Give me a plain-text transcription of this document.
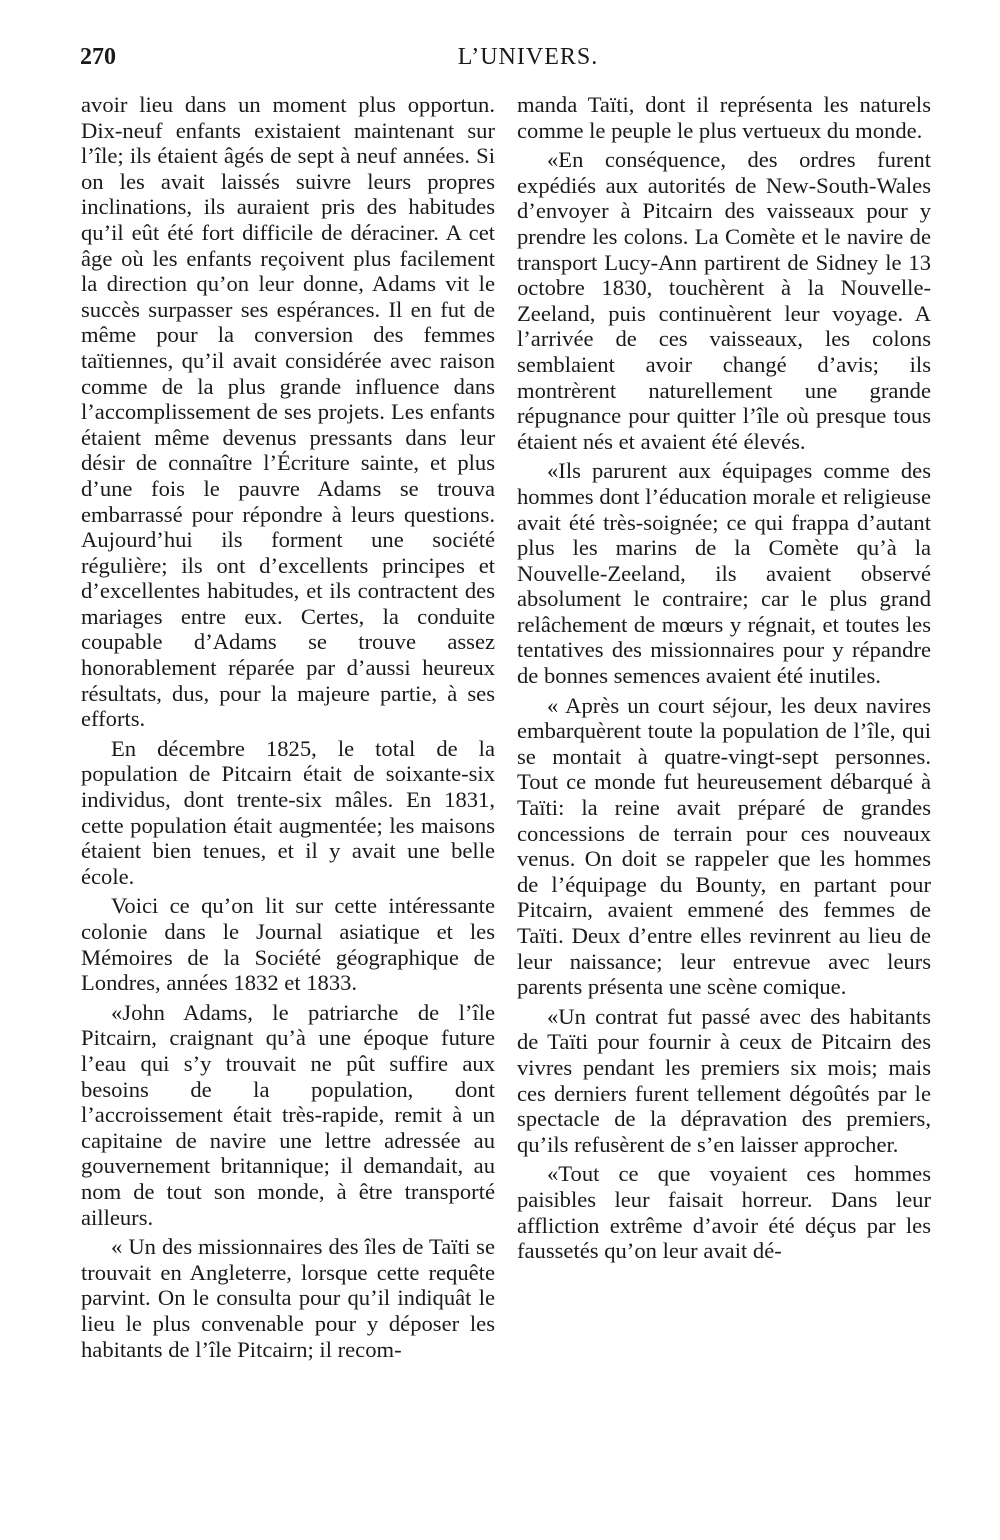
270	L’UNIVERS.

avoir lieu dans un moment plus opportun. Dix-neuf enfants existaient maintenant sur l’île; ils étaient âgés de sept à neuf années. Si on les avait laissés suivre leurs propres inclinations, ils auraient pris des habitudes qu’il eût été fort difficile de déraciner. A cet âge où les enfants reçoivent plus facilement la direction qu’on leur donne, Adams vit le succès surpasser ses espérances. Il en fut de même pour la conversion des femmes taïtiennes, qu’il avait considérée avec raison comme de la plus grande influence dans l’accomplissement de ses projets. Les enfants étaient même devenus pressants dans leur désir de connaître l’Écriture sainte, et plus d’une fois le pauvre Adams se trouva embarrassé pour répondre à leurs questions. Aujourd’hui ils forment une société régulière; ils ont d’excellents principes et d’excellentes habitudes, et ils contractent des mariages entre eux. Certes, la conduite coupable d’Adams se trouve assez honorablement réparée par d’aussi heureux résultats, dus, pour la majeure partie, à ses efforts.

En décembre 1825, le total de la population de Pitcairn était de soixante-six individus, dont trente-six mâles. En 1831, cette population était augmentée; les maisons étaient bien tenues, et il y avait une belle école.

Voici ce qu’on lit sur cette intéressante colonie dans le Journal asiatique et les Mémoires de la Société géographique de Londres, années 1832 et 1833.

«John Adams, le patriarche de l’île Pitcairn, craignant qu’à une époque future l’eau qui s’y trouvait ne pût suffire aux besoins de la population, dont l’accroissement était très-rapide, remit à un capitaine de navire une lettre adressée au gouvernement britannique; il demandait, au nom de tout son monde, à être transporté ailleurs.

« Un des missionnaires des îles de Taïti se trouvait en Angleterre, lorsque cette requête parvint. On le consulta pour qu’il indiquât le lieu le plus convenable pour y déposer les habitants de l’île Pitcairn; il recom-

manda Taïti, dont il représenta les naturels comme le peuple le plus vertueux du monde.

«En conséquence, des ordres furent expédiés aux autorités de New-South-Wales d’envoyer à Pitcairn des vaisseaux pour y prendre les colons. La Comète et le navire de transport Lucy-Ann partirent de Sidney le 13 octobre 1830, touchèrent à la Nouvelle-Zeeland, puis continuèrent leur voyage. A l’arrivée de ces vaisseaux, les colons semblaient avoir changé d’avis; ils montrèrent naturellement une grande répugnance pour quitter l’île où presque tous étaient nés et avaient été élevés.

«Ils parurent aux équipages comme des hommes dont l’éducation morale et religieuse avait été très-soignée; ce qui frappa d’autant plus les marins de la Comète qu’à la Nouvelle-Zeeland, ils avaient observé absolument le contraire; car le plus grand relâchement de mœurs y régnait, et toutes les tentatives des missionnaires pour y répandre de bonnes semences avaient été inutiles.

« Après un court séjour, les deux navires embarquèrent toute la population de l’île, qui se montait à quatre-vingt-sept personnes. Tout ce monde fut heureusement débarqué à Taïti: la reine avait préparé de grandes concessions de terrain pour ces nouveaux venus. On doit se rappeler que les hommes de l’équipage du Bounty, en partant pour Pitcairn, avaient emmené des femmes de Taïti. Deux d’entre elles revinrent au lieu de leur naissance; leur entrevue avec leurs parents présenta une scène comique.

«Un contrat fut passé avec des habitants de Taïti pour fournir à ceux de Pitcairn des vivres pendant les premiers six mois; mais ces derniers furent tellement dégoûtés par le spectacle de la dépravation des premiers, qu’ils refusèrent de s’en laisser approcher.

«Tout ce que voyaient ces hommes paisibles leur faisait horreur. Dans leur affliction extrême d’avoir été déçus par les faussetés qu’on leur avait dé-
